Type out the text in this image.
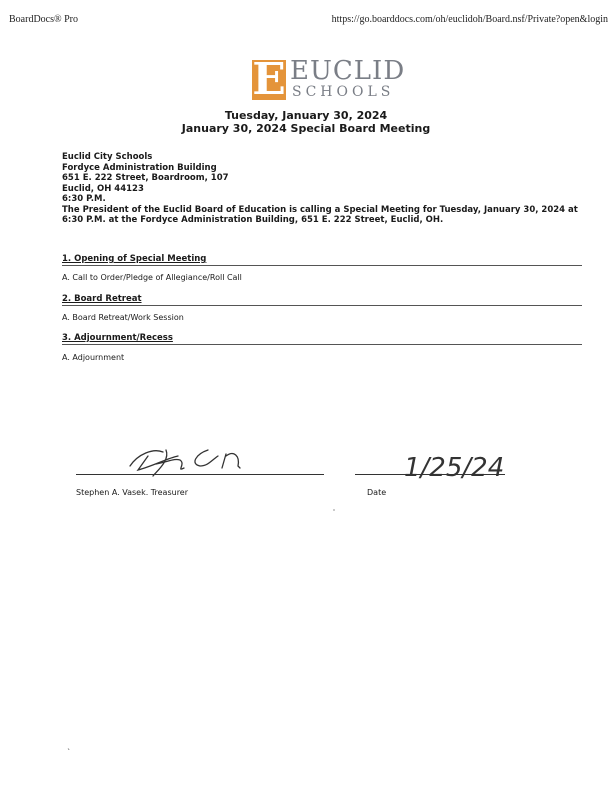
BoardDocs® Pro	https://go.boarddocs.com/oh/euclidoh/Board.nsf/Private?open&login
E EUCLID
SCHOOLS
Tuesday, January 30, 2024
January 30, 2024 Special Board Meeting
Euclid City Schools
Fordyce Administration Building
651 E. 222 Street, Boardroom, 107
Euclid, OH 44123
6:30 P.M.
The President of the Euclid Board of Education is calling a Special Meeting for Tuesday, January 30, 2024 at 6:30 P.M. at the Fordyce Administration Building, 651 E. 222 Street, Euclid, OH.
1. Opening of Special Meeting
A. Call to Order/Pledge of Allegiance/Roll Call
2. Board Retreat
A. Board Retreat/Work Session
3. Adjournment/Recess
A. Adjournment
Stephen A. Vasek. Treasurer
1/25/24
Date
ˋ
